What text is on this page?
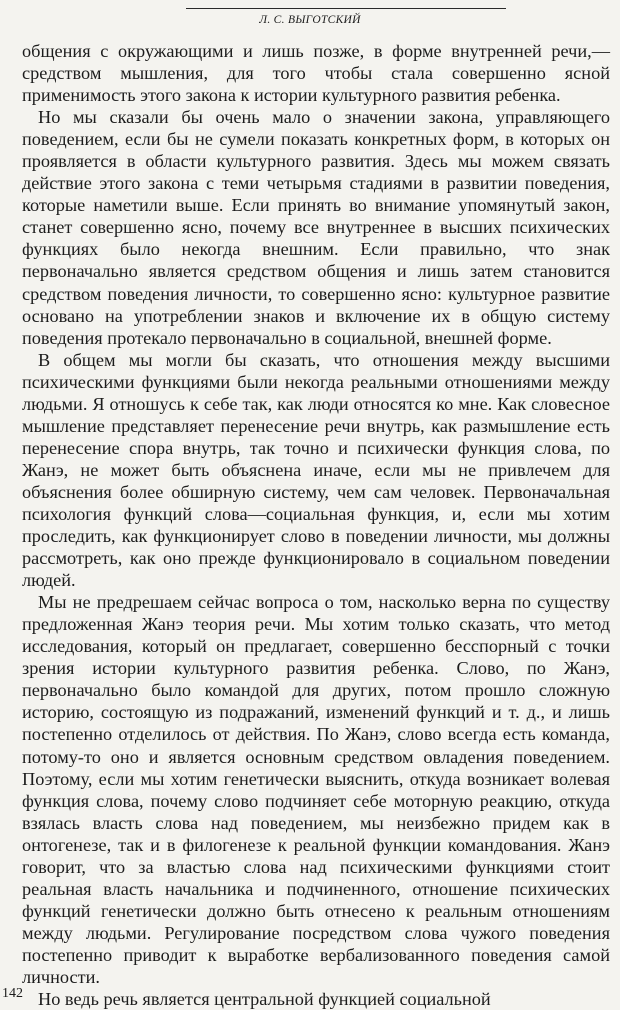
Л. С. ВЫГОТСКИЙ

общения с окружающими и лишь позже, в форме внутренней речи,—средством мышления, для того чтобы стала совершенно ясной применимость этого закона к истории культурного развития ребенка.

Но мы сказали бы очень мало о значении закона, управляющего поведением, если бы не сумели показать конкретных форм, в которых он проявляется в области культурного развития. Здесь мы можем связать действие этого закона с теми четырьмя стадиями в развитии поведения, которые наметили выше. Если принять во внимание упомянутый закон, станет совершенно ясно, почему все внутреннее в высших психических функциях было некогда внешним. Если правильно, что знак первоначально является средством общения и лишь затем становится средством поведения личности, то совершенно ясно: культурное развитие основано на употреблении знаков и включение их в общую систему поведения протекало первоначально в социальной, внешней форме.

В общем мы могли бы сказать, что отношения между высшими психическими функциями были некогда реальными отношениями между людьми. Я отношусь к себе так, как люди относятся ко мне. Как словесное мышление представляет перенесение речи внутрь, как размышление есть перенесение спора внутрь, так точно и психически функция слова, по Жанэ, не может быть объяснена иначе, если мы не привлечем для объяснения более обширную систему, чем сам человек. Первоначальная психология функций слова—социальная функция, и, если мы хотим проследить, как функционирует слово в поведении личности, мы должны рассмотреть, как оно прежде функционировало в социальном поведении людей.

Мы не предрешаем сейчас вопроса о том, насколько верна по существу предложенная Жанэ теория речи. Мы хотим только сказать, что метод исследования, который он предлагает, совершенно бесспорный с точки зрения истории культурного развития ребенка. Слово, по Жанэ, первоначально было командой для других, потом прошло сложную историю, состоящую из подражаний, изменений функций и т. д., и лишь постепенно отделилось от действия. По Жанэ, слово всегда есть команда, потому-то оно и является основным средством овладения поведением. Поэтому, если мы хотим генетически выяснить, откуда возникает волевая функция слова, почему слово подчиняет себе моторную реакцию, откуда взялась власть слова над поведением, мы неизбежно придем как в онтогенезе, так и в филогенезе к реальной функции командования. Жанэ говорит, что за властью слова над психическими функциями стоит реальная власть начальника и подчиненного, отношение психических функций генетически должно быть отнесено к реальным отношениям между людьми. Регулирование посредством слова чужого поведения постепенно приводит к выработке вербализованного поведения самой личности.

Но ведь речь является центральной функцией социальной

142
